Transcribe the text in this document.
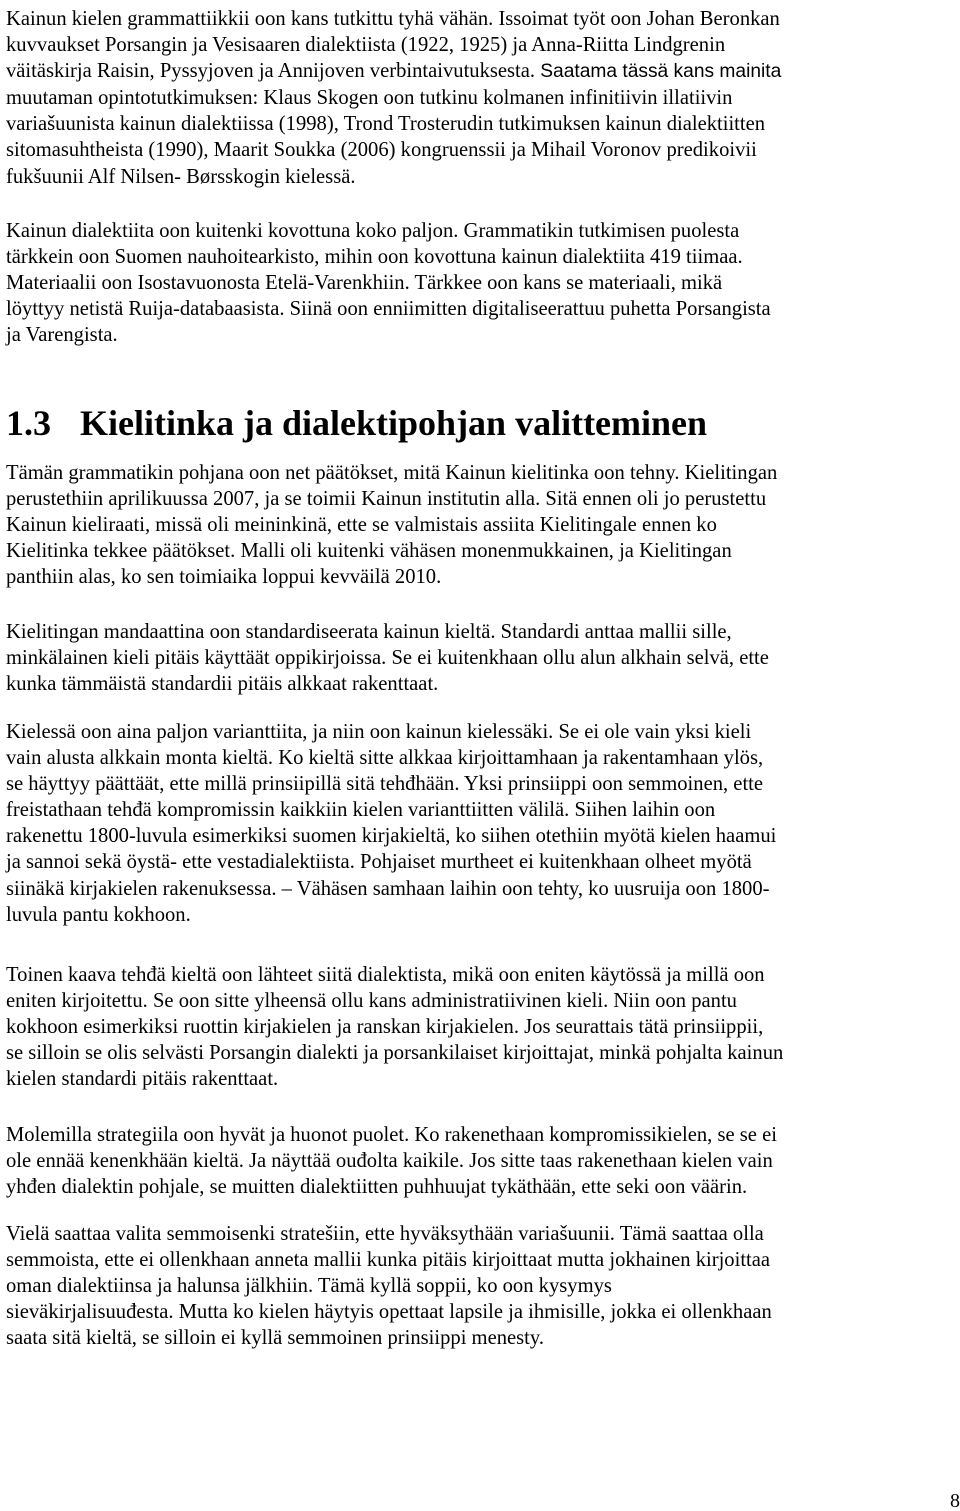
Kainun kielen grammattiikkii oon kans tutkittu tyhä vähän. Issoimat työt oon Johan Beronkan
kuvvaukset Porsangin ja Vesisaaren dialektiista (1922, 1925) ja Anna-Riitta Lindgrenin
väitäskirja Raisin, Pyssyjoven ja Annijoven verbintaivutuksesta. Saatama tässä kans mainita
muutaman opintotutkimuksen: Klaus Skogen oon tutkinu kolmanen infinitiivin illatiivin
variašuunista kainun dialektiissa (1998), Trond Trosterudin tutkimuksen kainun dialektiitten
sitomasuhtheista (1990), Maarit Soukka (2006) kongruenssii ja Mihail Voronov predikoivii
fukšuunii Alf Nilsen- Børsskogin kielessä.

Kainun dialektiita oon kuitenki kovottuna koko paljon. Grammatikin tutkimisen puolesta
tärkkein oon Suomen nauhoitearkisto, mihin oon kovottuna kainun dialektiita 419 tiimaa.
Materiaalii oon Isostavuonosta Etelä-Varenkhiin. Tärkkee oon kans se materiaali, mikä
löyttyy netistä Ruija-databaasista. Siinä oon enniimitten digitaliseerattuu puhetta Porsangista
ja Varengista.

1.3 Kielitinka ja dialektipohjan valitteminen

Tämän grammatikin pohjana oon net päätökset, mitä Kainun kielitinka oon tehny. Kielitingan
perustethiin aprilikuussa 2007, ja se toimii Kainun institutin alla. Sitä ennen oli jo perustettu
Kainun kieliraati, missä oli meininkinä, ette se valmistais assiita Kielitingale ennen ko
Kielitinka tekkee päätökset. Malli oli kuitenki vähäsen monenmukkainen, ja Kielitingan
panthiin alas, ko sen toimiaika loppui kevväilä 2010.

Kielitingan mandaattina oon standardiseerata kainun kieltä. Standardi anttaa mallii sille,
minkälainen kieli pitäis käyttäät oppikirjoissa. Se ei kuitenkhaan ollu alun alkhain selvä, ette
kunka tämmäistä standardii pitäis alkkaat rakenttaat.

Kielessä oon aina paljon varianttiita, ja niin oon kainun kielessäki. Se ei ole vain yksi kieli
vain alusta alkkain monta kieltä. Ko kieltä sitte alkkaa kirjoittamhaan ja rakentamhaan ylös,
se häyttyy päättäät, ette millä prinsiipillä sitä tehđhään. Yksi prinsiippi oon semmoinen, ette
freistathaan tehđä kompromissin kaikkiin kielen varianttiitten välilä. Siihen laihin oon
rakenettu 1800-luvula esimerkiksi suomen kirjakieltä, ko siihen otethiin myötä kielen haamui
ja sannoi sekä öystä- ette vestadialektiista. Pohjaiset murtheet ei kuitenkhaan olheet myötä
siinäkä kirjakielen rakenuksessa. – Vähäsen samhaan laihin oon tehty, ko uusruija oon 1800-
luvula pantu kokhoon.

Toinen kaava tehđä kieltä oon lähteet siitä dialektista, mikä oon eniten käytössä ja millä oon
eniten kirjoitettu. Se oon sitte ylheensä ollu kans administratiivinen kieli. Niin oon pantu
kokhoon esimerkiksi ruottin kirjakielen ja ranskan kirjakielen. Jos seurattais tätä prinsiippii,
se silloin se olis selvästi Porsangin dialekti ja porsankilaiset kirjoittajat, minkä pohjalta kainun
kielen standardi pitäis rakenttaat.

Molemilla strategiila oon hyvät ja huonot puolet. Ko rakenethaan kompromissikielen, se se ei
ole ennää kenenkhään kieltä. Ja näyttää ouđolta kaikile. Jos sitte taas rakenethaan kielen vain
yhđen dialektin pohjale, se muitten dialektiitten puhhuujat tykäthään, ette seki oon väärin.

Vielä saattaa valita semmoisenki stratešiin, ette hyväksythään variašuunii. Tämä saattaa olla
semmoista, ette ei ollenkhaan anneta mallii kunka pitäis kirjoittaat mutta jokhainen kirjoittaa
oman dialektiinsa ja halunsa jälkhiin. Tämä kyllä soppii, ko oon kysymys
sieväkirjalisuuđesta. Mutta ko kielen häytyis opettaat lapsile ja ihmisille, jokka ei ollenkhaan
saata sitä kieltä, se silloin ei kyllä semmoinen prinsiippi menesty.

8
